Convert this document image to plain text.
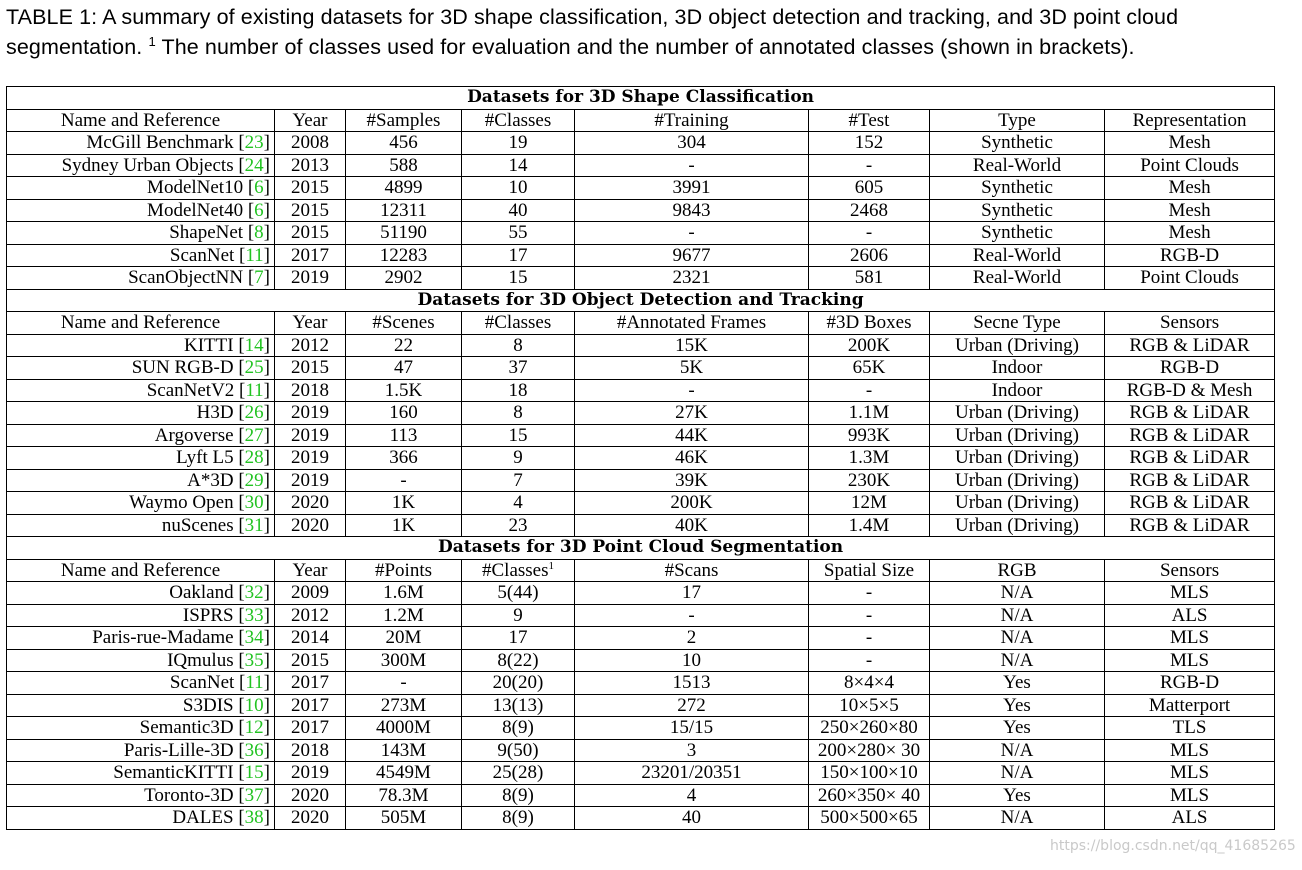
TABLE 1: A summary of existing datasets for 3D shape classification, 3D object detection and tracking, and 3D point cloud segmentation. $^1$ The number of classes used for evaluation and the number of annotated classes (shown in brackets).
Datasets for 3D Shape Classification							
Name and Reference	Year	#Samples	#Classes	#Training	#Test	Type	Representation
McGill Benchmark [23]	2008	456	19	304	152	Synthetic	Mesh
Sydney Urban Objects [24]	2013	588	14	-	-	Real-World	Point Clouds
ModelNet10 [6]	2015	4899	10	3991	605	Synthetic	Mesh
ModelNet40 [6]	2015	12311	40	9843	2468	Synthetic	Mesh
ShapeNet [8]	2015	51190	55	-	-	Synthetic	Mesh
ScanNet [11]	2017	12283	17	9677	2606	Real-World	RGB-D
ScanObjectNN [7]	2019	2902	15	2321	581	Real-World	Point Clouds
Datasets for 3D Object Detection and Tracking							
Name and Reference	Year	#Scenes	#Classes	#Annotated Frames	#3D Boxes	Secne Type	Sensors
KITTI [14]	2012	22	8	15K	200K	Urban (Driving)	RGB & LiDAR
SUN RGB-D [25]	2015	47	37	5K	65K	Indoor	RGB-D
ScanNetV2 [11]	2018	1.5K	18	-	-	Indoor	RGB-D & Mesh
H3D [26]	2019	160	8	27K	1.1M	Urban (Driving)	RGB & LiDAR
Argoverse [27]	2019	113	15	44K	993K	Urban (Driving)	RGB & LiDAR
Lyft L5 [28]	2019	366	9	46K	1.3M	Urban (Driving)	RGB & LiDAR
A*3D [29]	2019	-	7	39K	230K	Urban (Driving)	RGB & LiDAR
Waymo Open [30]	2020	1K	4	200K	12M	Urban (Driving)	RGB & LiDAR
nuScenes [31]	2020	1K	23	40K	1.4M	Urban (Driving)	RGB & LiDAR
Datasets for 3D Point Cloud Segmentation							
Name and Reference	Year	#Points	#Classes$^1$	#Scans	Spatial Size	RGB	Sensors
Oakland [32]	2009	1.6M	5(44)	17	-	N/A	MLS
ISPRS [33]	2012	1.2M	9	-	-	N/A	ALS
Paris-rue-Madame [34]	2014	20M	17	2	-	N/A	MLS
IQmulus [35]	2015	300M	8(22)	10	-	N/A	MLS
ScanNet [11]	2017	-	20(20)	1513	8×4×4	Yes	RGB-D
S3DIS [10]	2017	273M	13(13)	272	10×5×5	Yes	Matterport
Semantic3D [12]	2017	4000M	8(9)	15/15	250×260×80	Yes	TLS
Paris-Lille-3D [36]	2018	143M	9(50)	3	200×280× 30	N/A	MLS
SemanticKITTI [15]	2019	4549M	25(28)	23201/20351	150×100×10	N/A	MLS
Toronto-3D [37]	2020	78.3M	8(9)	4	260×350× 40	Yes	MLS
DALES [38]	2020	505M	8(9)	40	500×500×65	N/A	ALS
https://blog.csdn.net/qq_41685265
